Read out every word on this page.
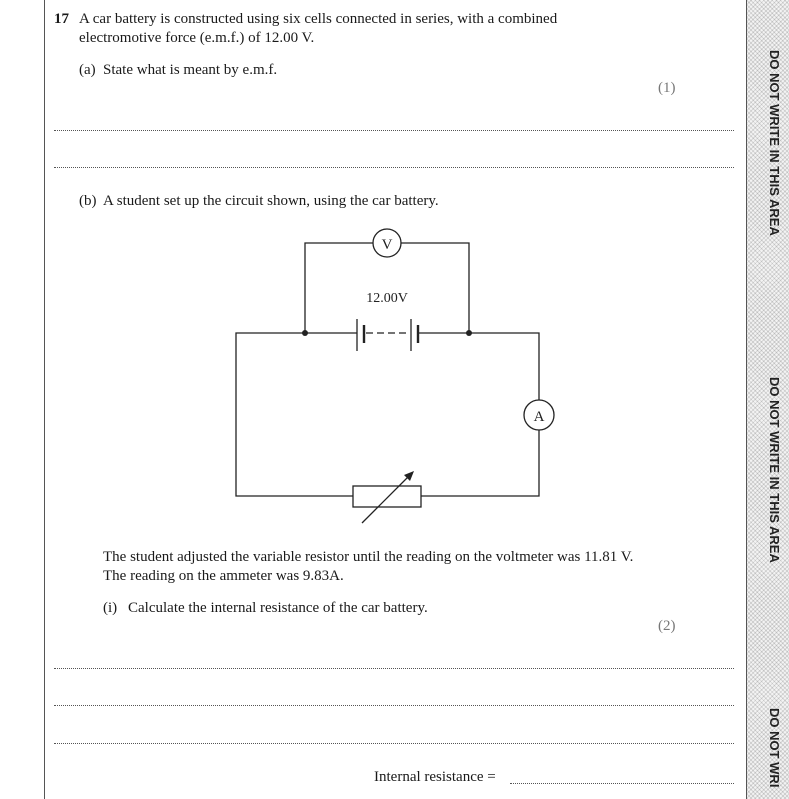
DO NOT WRITE IN THIS AREA
DO NOT WRITE IN THIS AREA
DO NOT WRI
17 A car battery is constructed using six cells connected in series, with a combined
electromotive force (e.m.f.) of 12.00 V.
(a) State what is meant by e.m.f.
(1)
(b) A student set up the circuit shown, using the car battery.
V
A
12.00V
The student adjusted the variable resistor until the reading on the voltmeter was 11.81 V.
The reading on the ammeter was 9.83A.
(i) Calculate the internal resistance of the car battery.
(2)
Internal resistance =
